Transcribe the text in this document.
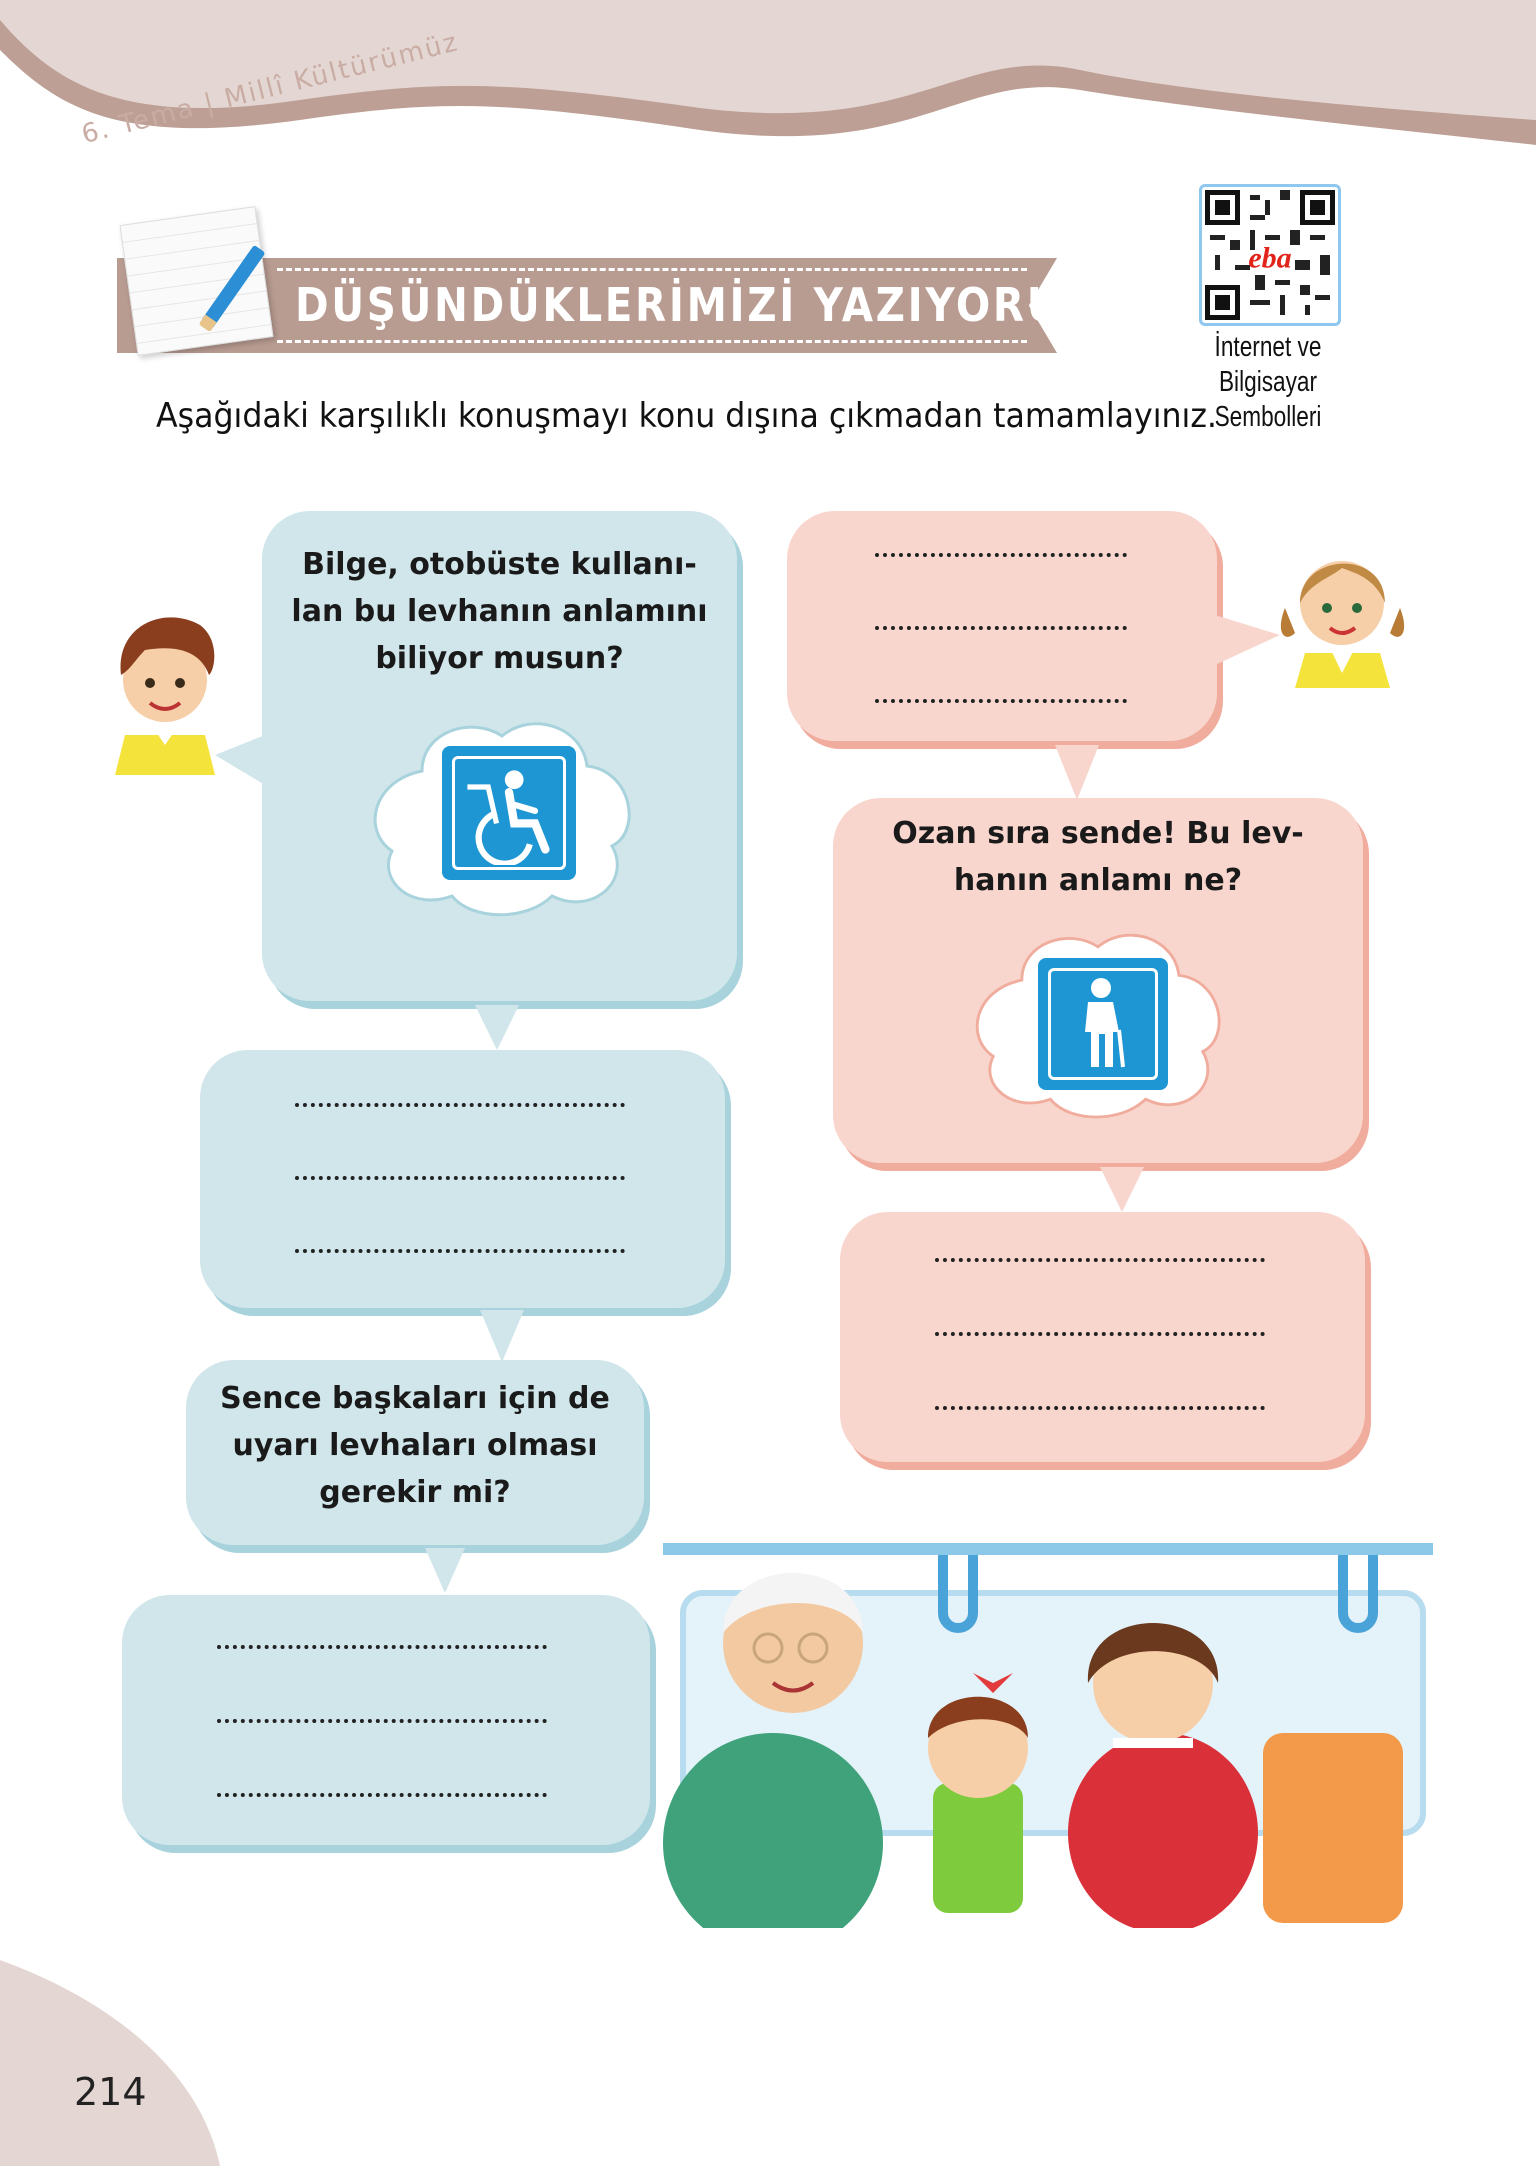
6. Tema | Millî Kültürümüz
DÜŞÜNDÜKLERİMİZİ YAZIYORUZ
eba
İnternet ve Bilgisayar
Sembolleri
Aşağıdaki karşılıklı konuşmayı konu dışına çıkmadan tamamlayınız.
Bilge, otobüste kullanı-
lan bu levhanın anlamını
biliyor musun?
Ozan sıra sende! Bu lev-
hanın anlamı ne?
Sence başkaları için de
uyarı levhaları olması
gerekir mi?
214
